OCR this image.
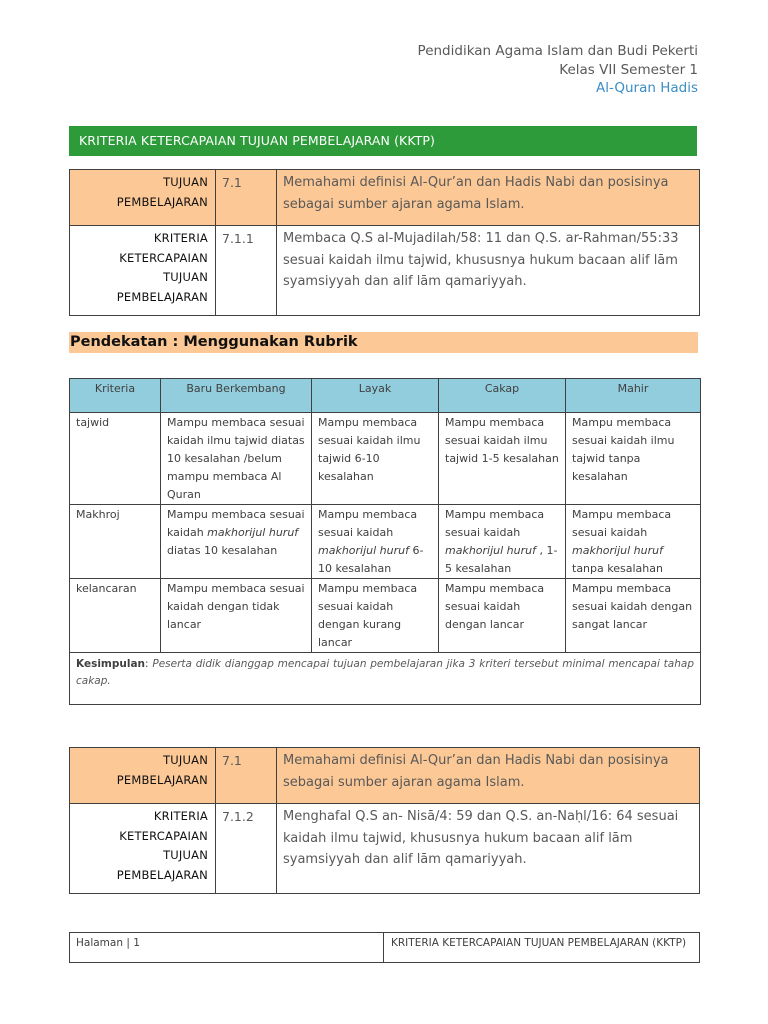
Pendidikan Agama Islam dan Budi Pekerti
Kelas VII Semester 1
Al-Quran Hadis
KRITERIA KETERCAPAIAN TUJUAN PEMBELAJARAN (KKTP)
TUJUAN
PEMBELAJARAN	7.1	Memahami definisi Al-Qur’an dan Hadis Nabi dan posisinya sebagai sumber ajaran agama Islam.

KRITERIA
KETERCAPAIAN
TUJUAN
PEMBELAJARAN	7.1.1	Membaca Q.S al-Mujadilah/58: 11 dan Q.S. ar-Rahman/55:33 sesuai kaidah ilmu tajwid, khususnya hukum bacaan alif lām syamsiyyah dan alif lām qamariyyah.
Pendekatan : Menggunakan Rubrik
Kriteria	Baru Berkembang	Layak	Cakap	Mahir
tajwid	Mampu membaca sesuai kaidah ilmu tajwid diatas 10 kesalahan /belum mampu membaca Al Quran	Mampu membaca sesuai kaidah ilmu tajwid 6-10 kesalahan	Mampu membaca sesuai kaidah ilmu tajwid 1-5 kesalahan	Mampu membaca sesuai kaidah ilmu tajwid tanpa kesalahan
Makhroj	Mampu membaca sesuai kaidah makhorijul huruf diatas 10 kesalahan	Mampu membaca sesuai kaidah makhorijul huruf 6-10 kesalahan	Mampu membaca sesuai kaidah makhorijul huruf , 1-5 kesalahan	Mampu membaca sesuai kaidah makhorijul huruf tanpa kesalahan
kelancaran	Mampu membaca sesuai kaidah dengan tidak lancar	Mampu membaca sesuai kaidah dengan kurang lancar	Mampu membaca sesuai kaidah dengan lancar	Mampu membaca sesuai kaidah dengan sangat lancar
Kesimpulan: Peserta didik dianggap mencapai tujuan pembelajaran jika 3 kriteri tersebut minimal mencapai tahap cakap.				
TUJUAN
PEMBELAJARAN	7.1	Memahami definisi Al-Qur’an dan Hadis Nabi dan posisinya sebagai sumber ajaran agama Islam.

KRITERIA
KETERCAPAIAN
TUJUAN
PEMBELAJARAN	7.1.2	Menghafal Q.S an- Nisā/4: 59 dan Q.S. an-Naḥl/16: 64 sesuai kaidah ilmu tajwid, khususnya hukum bacaan alif lām syamsiyyah dan alif lām qamariyyah.
Halaman | 1	KRITERIA KETERCAPAIAN TUJUAN PEMBELAJARAN (KKTP)
